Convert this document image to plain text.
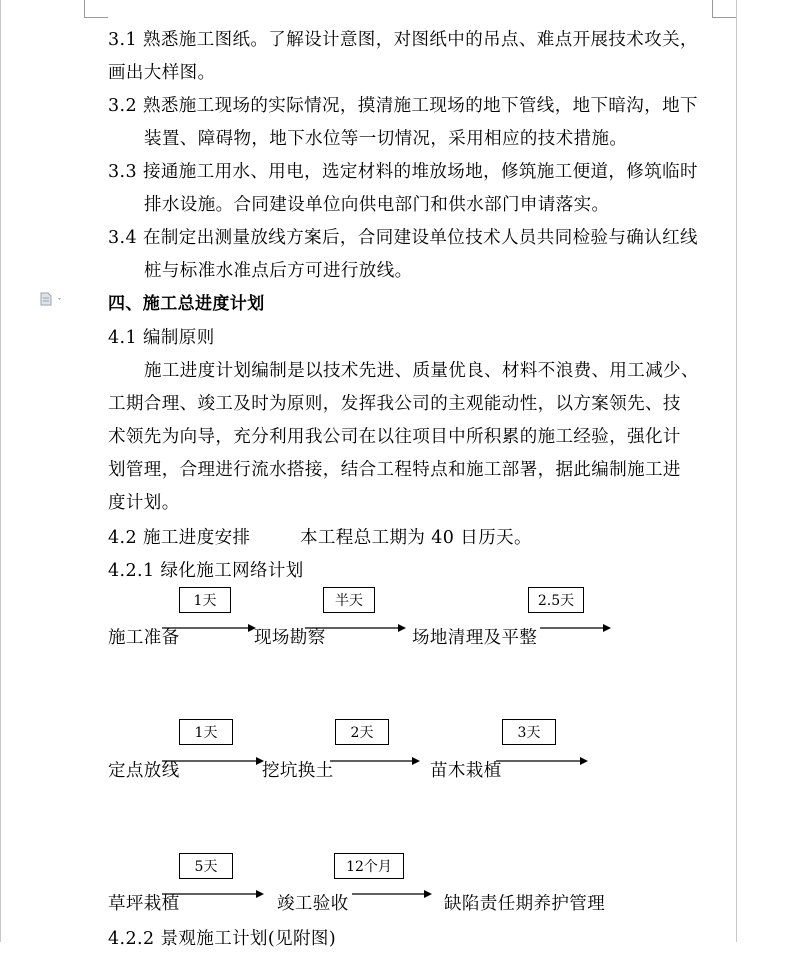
3.1 熟悉施工图纸。了解设计意图，对图纸中的吊点、难点开展技术攻关，
画出大样图。
3.2 熟悉施工现场的实际情况，摸清施工现场的地下管线，地下暗沟，地下
装置、障碍物，地下水位等一切情况，采用相应的技术措施。
3.3 接通施工用水、用电，选定材料的堆放场地，修筑施工便道，修筑临时
排水设施。合同建设单位向供电部门和供水部门申请落实。
3.4 在制定出测量放线方案后，合同建设单位技术人员共同检验与确认红线
桩与标准水准点后方可进行放线。
四、施工总进度计划
4.1 编制原则
施工进度计划编制是以技术先进、质量优良、材料不浪费、用工减少、
工期合理、竣工及时为原则，发挥我公司的主观能动性，以方案领先、技
术领先为向导，充分利用我公司在以往项目中所积累的施工经验，强化计
划管理，合理进行流水搭接，结合工程特点和施工部署，据此编制施工进
度计划。
4.2 施工进度安排	本工程总工期为 40 日历天。
4.2.1 绿化施工网络计划
1天	半天	2.5天
施工准备	现场勘察	场地清理及平整
1天	2天	3天
定点放线	挖坑换土	苗木栽植
5天	12个月
草坪栽植	竣工验收	缺陷责任期养护管理
4.2.2 景观施工计划(见附图)
